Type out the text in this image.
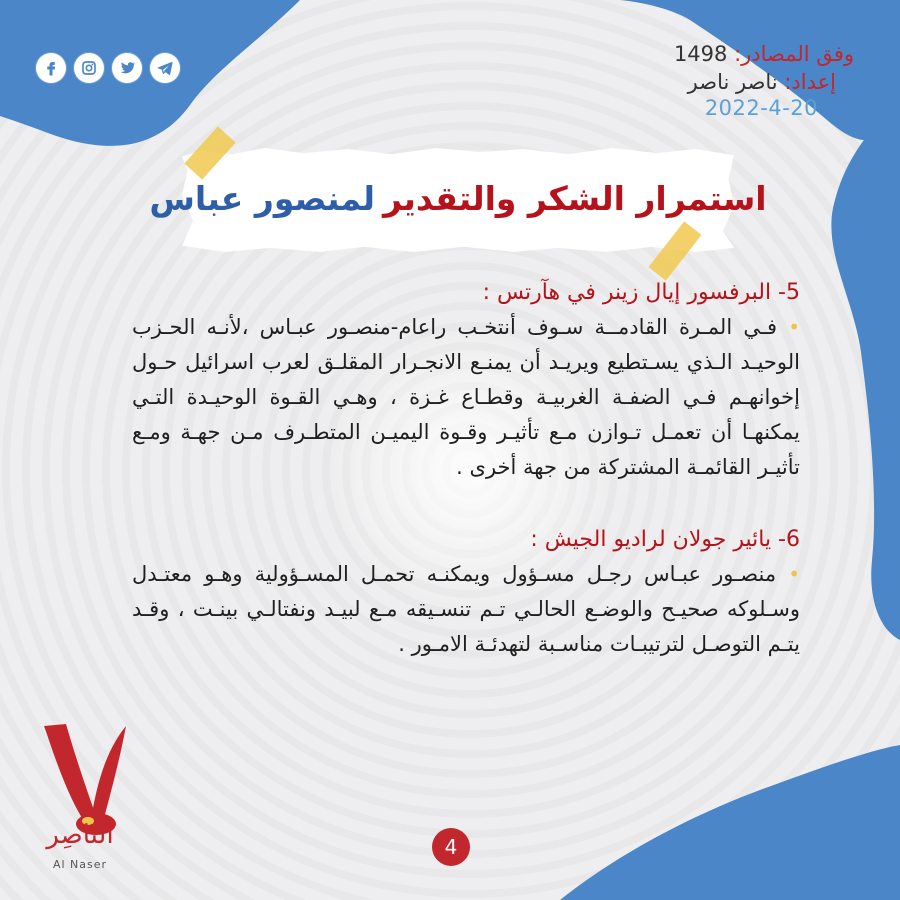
وفق المصادر: 1498
إعداد: ناصر ناصر
2022-4-20
استمرار الشكر والتقدير
لمنصور عباس
5- البرفسور إيال زينر في هآرتس :

• فـي المـرة القادمــة سـوف أنتخـب راعام-منصـور عبـاس ،لأنـه الحـزب الوحيـد الـذي يسـتطيع ويريـد أن يمنـع الانجـرار المقلـق لعرب اسرائيل حـول إخوانهـم فـي الضفـة الغربيـة وقطـاع غـزة ، وهـي القـوة الوحيـدة التـي يمكنهـا أن تعمـل تـوازن مـع تأثيـر وقـوة اليميـن المتطـرف مـن جهـة ومـع تأثيـر القائمـة المشتركة من جهة أخرى .

6- يائير جولان لراديو الجيش :

• منصـور عبـاس رجـل مسـؤول ويمكنـه تحمـل المسـؤولية وهـو معتـدل وسـلوكه صحيـح والوضـع الحالـي تـم تنسـيقه مـع لبيـد ونفتالـي بينـت ، وقـد يتـم التوصـل لترتيبـات مناسـبة لتهدئـة الامـور .

4
النّاصِر
Al Naser
